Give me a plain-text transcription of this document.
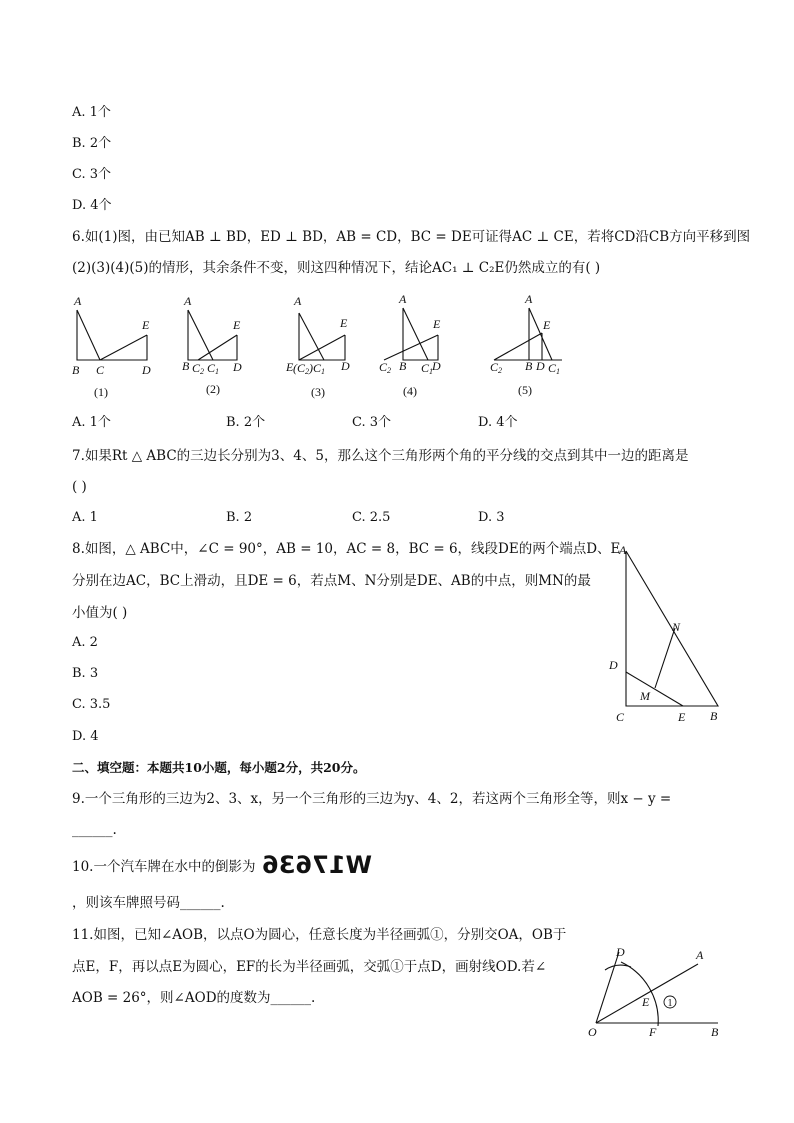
A. 1个
B. 2个
C. 3个
D. 4个
6.如(1)图，由已知AB ⊥ BD，ED ⊥ BD，AB = CD，BC = DE可证得AC ⊥ CE，若将CD沿CB方向平移到图
(2)(3)(4)(5)的情形，其余条件不变，则这四种情况下，结论AC₁ ⊥ C₂E仍然成立的有( )
A
E
B C	D
A
E
B C2 C1 D
A
E
E (C2)C1 D
A
E
C2 B C1
D
A
E
C2 B D C1
(1)	(2)	(3)	(4)	(5)
A. 1个	B. 2个	C. 3个	D. 4个
7.如果Rt △ ABC的三边长分别为3、4、5，那么这个三角形两个角的平分线的交点到其中一边的距离是
( )
A. 1	B. 2	C. 2.5	D. 3
8.如图，△ ABC中，∠C = 90°，AB = 10，AC = 8，BC = 6，线段DE的两个端点D、E
分别在边AC，BC上滑动，且DE = 6，若点M、N分别是DE、AB的中点，则MN的最
小值为( )
A. 2
B. 3
C. 3.5
D. 4
A
D
N
M
C	E B
二、填空题：本题共10小题，每小题2分，共20分。
9.一个三角形的三边为2、3、x，另一个三角形的三边为y、4、2，若这两个三角形全等，则x − y =
______.
10.一个汽车牌在水中的倒影为 W17636
，则该车牌照号码______.
11.如图，已知∠AOB，以点O为圆心，任意长度为半径画弧①，分别交OA，OB于
点E，F，再以点E为圆心，EF的长为半径画弧，交弧①于点D，画射线OD.若∠
AOB = 26°，则∠AOD的度数为______.
D	A
E
F
O	B
1
